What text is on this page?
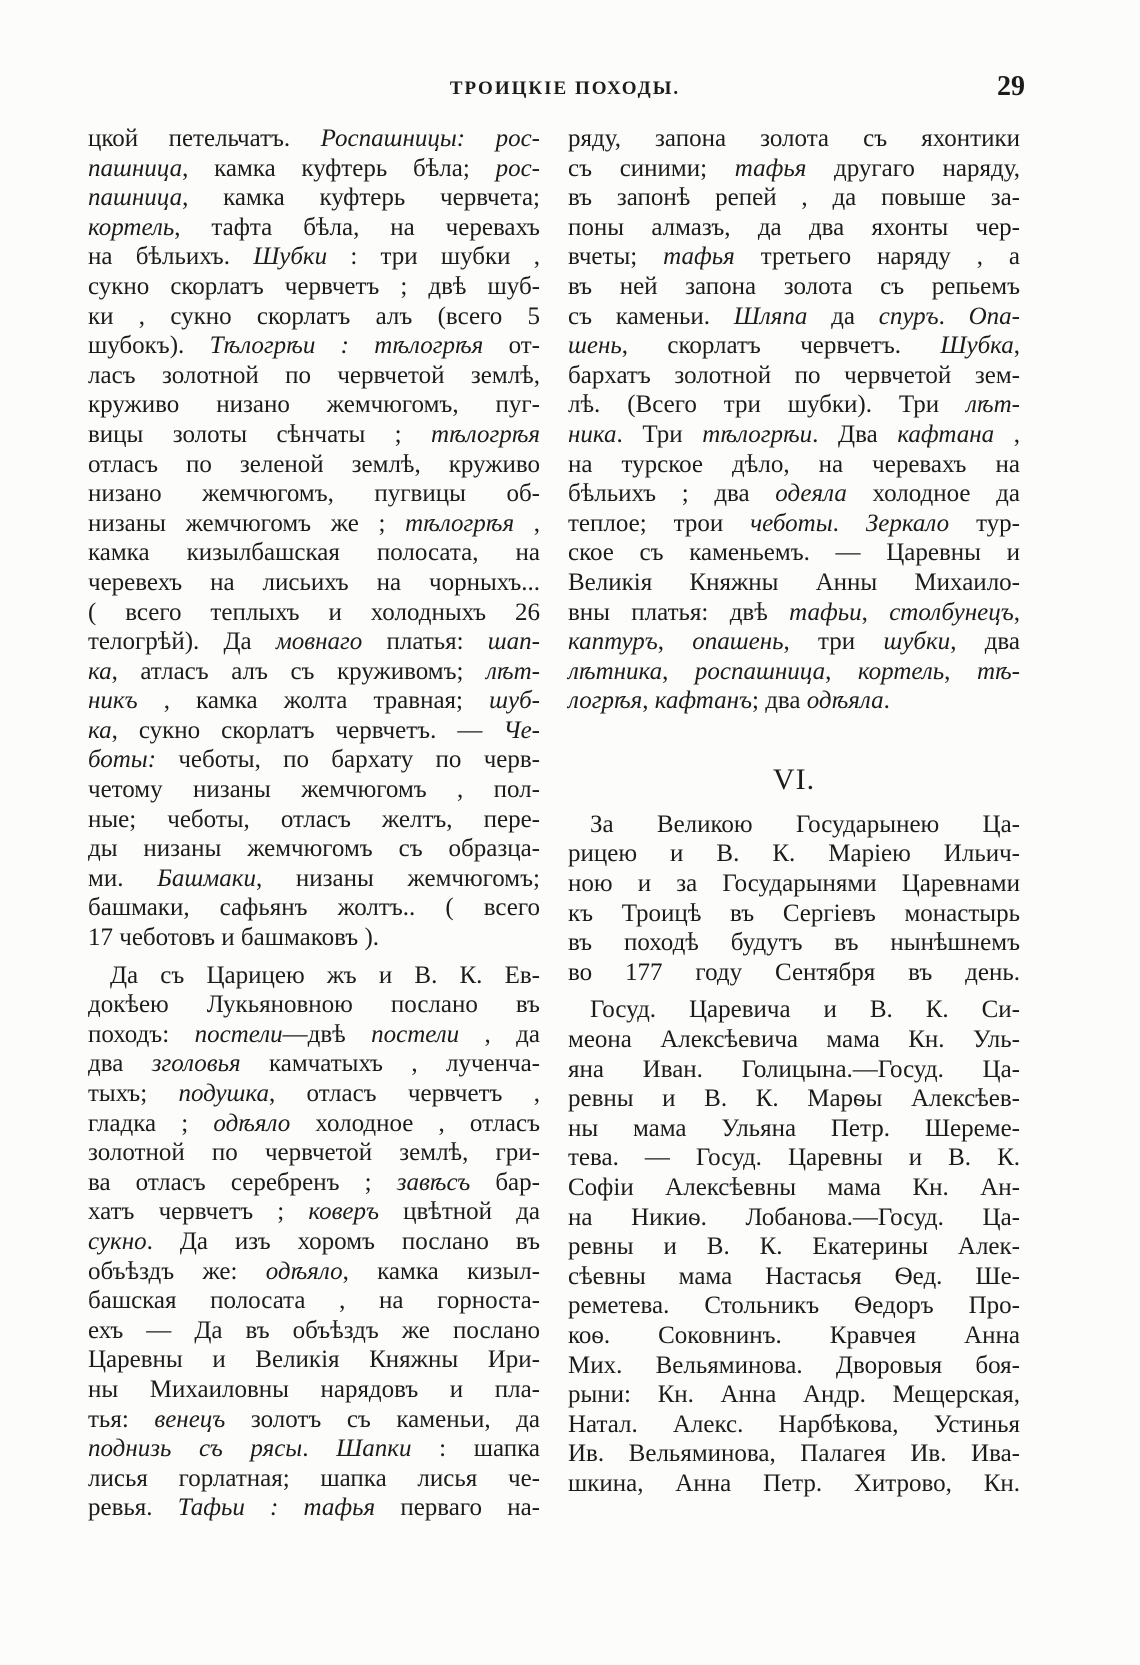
ТРОИЦКІЕ ПОХОДЫ.	29
цкой петельчатъ. Роспашницы: рос-
пашница, камка куфтерь бѣла; рос-
пашница, камка куфтерь червчета;
кортель, тафта бѣла, на черевахъ
на бѣльихъ. Шубки : три шубки ,
сукно скорлатъ червчетъ ; двѣ шуб-
ки , сукно скорлатъ алъ (всего 5
шубокъ). Тѣлогрѣи : тѣлогрѣя от-
ласъ золотной по червчетой землѣ,
круживо низано жемчюгомъ, пуг-
вицы золоты сѣнчаты ; тѣлогрѣя
отласъ по зеленой землѣ, круживо
низано жемчюгомъ, пугвицы об-
низаны жемчюгомъ же ; тѣлогрѣя ,
камка кизылбашская полосата, на
черевехъ на лисьихъ на чорныхъ...
( всего теплыхъ и холодныхъ 26
телогрѣй). Да мовнаго платья: шап-
ка, атласъ алъ съ круживомъ; лѣт-
никъ , камка жолта травная; шуб-
ка, сукно скорлатъ червчетъ. — Че-
боты: чеботы, по бархату по черв-
четому низаны жемчюгомъ , пол-
ные; чеботы, отласъ желтъ, пере-
ды низаны жемчюгомъ съ образца-
ми. Башмаки, низаны жемчюгомъ;
башмаки, сафьянъ жолтъ.. ( всего
17 чеботовъ и башмаковъ ).
Да съ Царицею жъ и В. К. Ев-
докѣею Лукьяновною послано въ
походъ: постели—двѣ постели , да
два зголовья камчатыхъ , лученча-
тыхъ; подушка, отласъ червчетъ ,
гладка ; одѣяло холодное , отласъ
золотной по червчетой землѣ, гри-
ва отласъ серебренъ ; завѣсъ бар-
хатъ червчетъ ; коверъ цвѣтной да
сукно. Да изъ хоромъ послано въ
объѣздъ же: одѣяло, камка кизыл-
башская полосата , на горноста-
ехъ — Да въ объѣздъ же послано
Царевны и Великія Княжны Ири-
ны Михаиловны нарядовъ и пла-
тья: венецъ золотъ съ каменьи, да
поднизь съ рясы. Шапки : шапка
лисья горлатная; шапка лисья че-
ревья. Тафьи : тафья перваго на-
ряду, запона золота съ яхонтики
съ синими; тафья другаго наряду,
въ запонѣ репей , да повыше за-
поны алмазъ, да два яхонты чер-
вчеты; тафья третьего наряду , а
въ ней запона золота съ репьемъ
съ каменьи. Шляпа да спуръ. Опа-
шень, скорлатъ червчетъ. Шубка,
бархатъ золотной по червчетой зем-
лѣ. (Всего три шубки). Три лѣт-
ника. Три тѣлогрѣи. Два кафтана ,
на турское дѣло, на черевахъ на
бѣльихъ ; два одеяла холодное да
теплое; трои чеботы. Зеркало тур-
ское съ каменьемъ. — Царевны и
Великія Княжны Анны Михаило-
вны платья: двѣ тафьи, столбунецъ,
каптуръ, опашень, три шубки, два
лѣтника, роспашница, кортель, тѣ-
логрѣя, кафтанъ; два одѣяла.
VI.
За Великою Государынею Ца-
рицею и В. К. Маріею Ильич-
ною и за Государынями Царевнами
къ Троицѣ въ Сергіевъ монастырь
въ походѣ будутъ въ нынѣшнемъ
во 177 году Сентября въ день.
Госуд. Царевича и В. К. Си-
меона Алексѣевича мама Кн. Уль-
яна Иван. Голицына.—Госуд. Ца-
ревны и В. К. Марѳы Алексѣев-
ны мама Ульяна Петр. Шереме-
тева. — Госуд. Царевны и В. К.
Софіи Алексѣевны мама Кн. Ан-
на Никиѳ. Лобанова.—Госуд. Ца-
ревны и В. К. Екатерины Алек-
сѣевны мама Настасья Ѳед. Ше-
реметева. Стольникъ Ѳедоръ Про-
коѳ. Соковнинъ. Кравчея Анна
Мих. Вельяминова. Дворовыя боя-
рыни: Кн. Анна Андр. Мещерская,
Натал. Алекс. Нарбѣкова, Устинья
Ив. Вельяминова, Палагея Ив. Ива-
шкина, Анна Петр. Хитрово, Кн.
